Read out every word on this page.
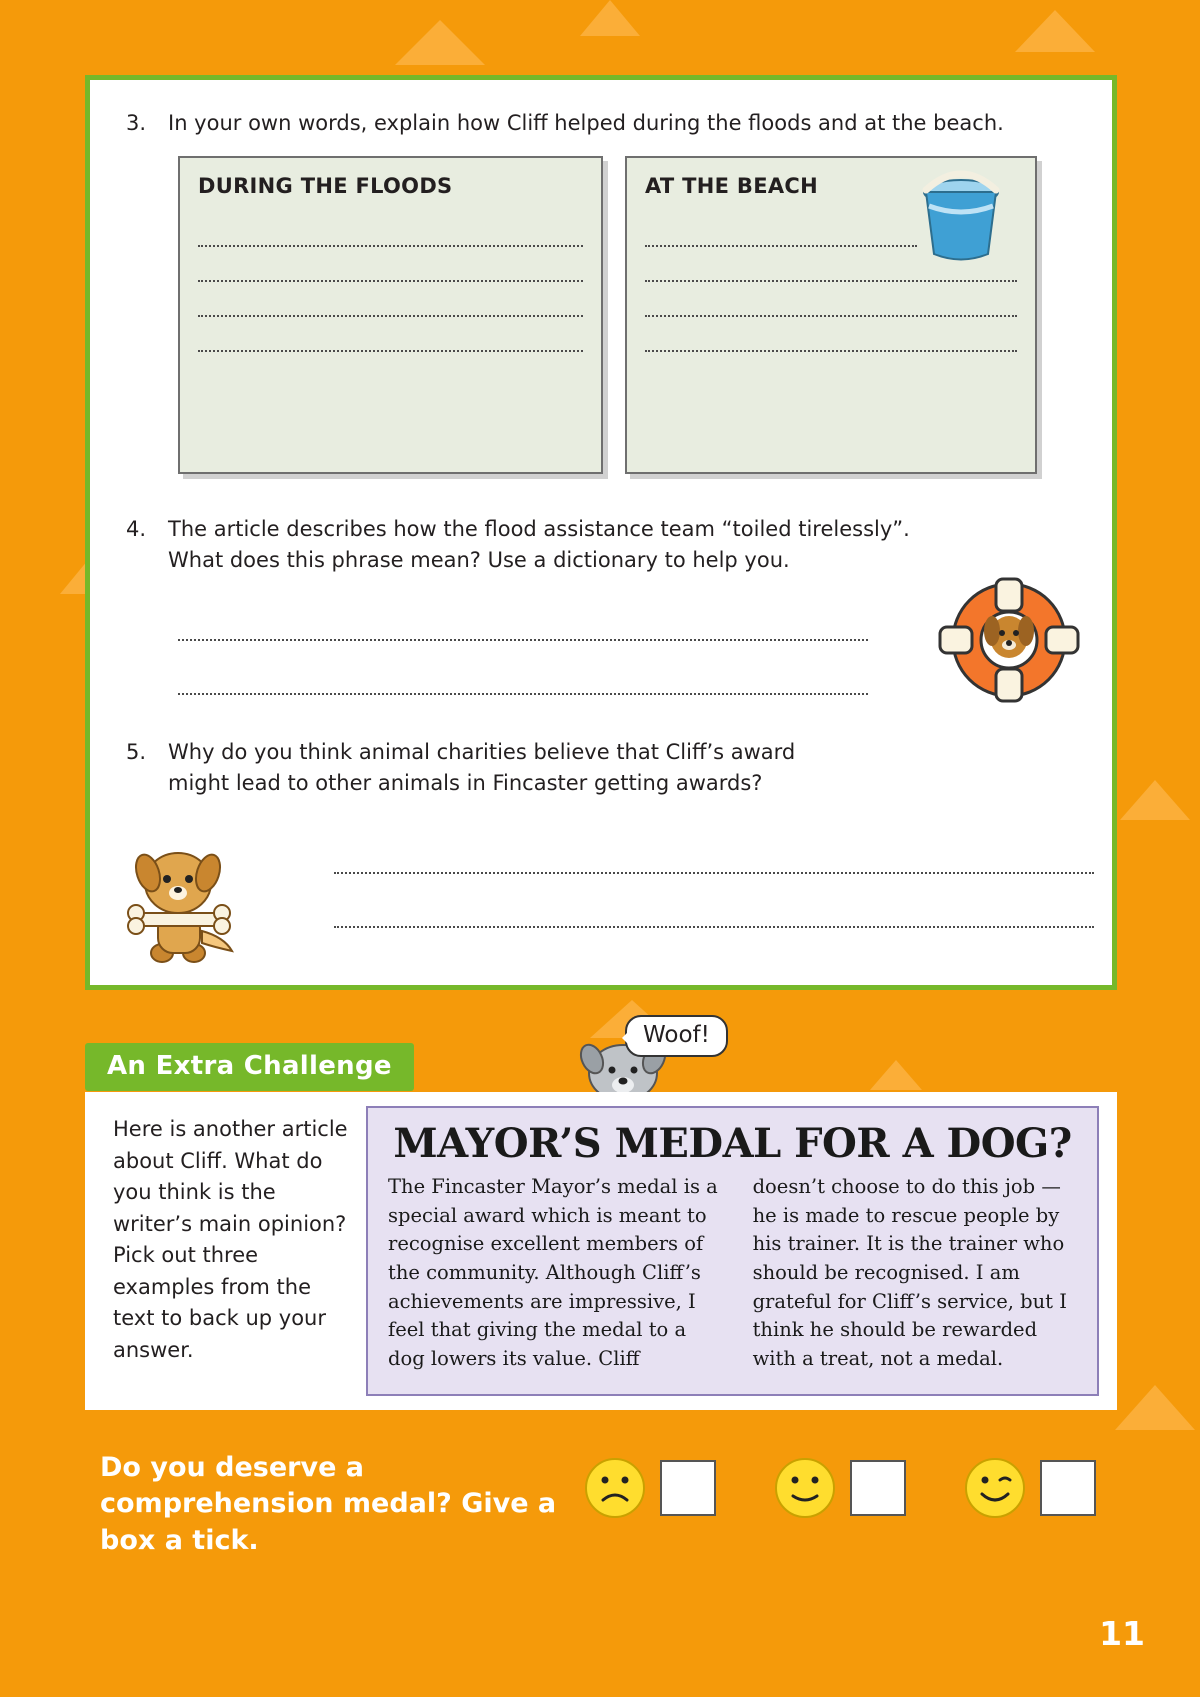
3.	In your own words, explain how Cliff helped during the floods and at the beach.
DURING THE FLOODS	AT THE BEACH
4.	The article describes how the flood assistance team “toiled tirelessly”. What does this phrase mean? Use a dictionary to help you.
5.	Why do you think animal charities believe that Cliff’s award might lead to other animals in Fincaster getting awards?
Woof!
An Extra Challenge
Here is another article about Cliff. What do you think is the writer’s main opinion? Pick out three examples from the text to back up your answer.
MAYOR’S MEDAL FOR A DOG?

The Fincaster Mayor’s medal is a special award which is meant to recognise excellent members of the community. Although Cliff’s achievements are impressive, I feel that giving the medal to a dog lowers its value. Cliff

doesn’t choose to do this job — he is made to rescue people by his trainer. It is the trainer who should be recognised. I am grateful for Cliff’s service, but I think he should be rewarded with a treat, not a medal.

Do you deserve a comprehension medal? Give a box a tick.
11
